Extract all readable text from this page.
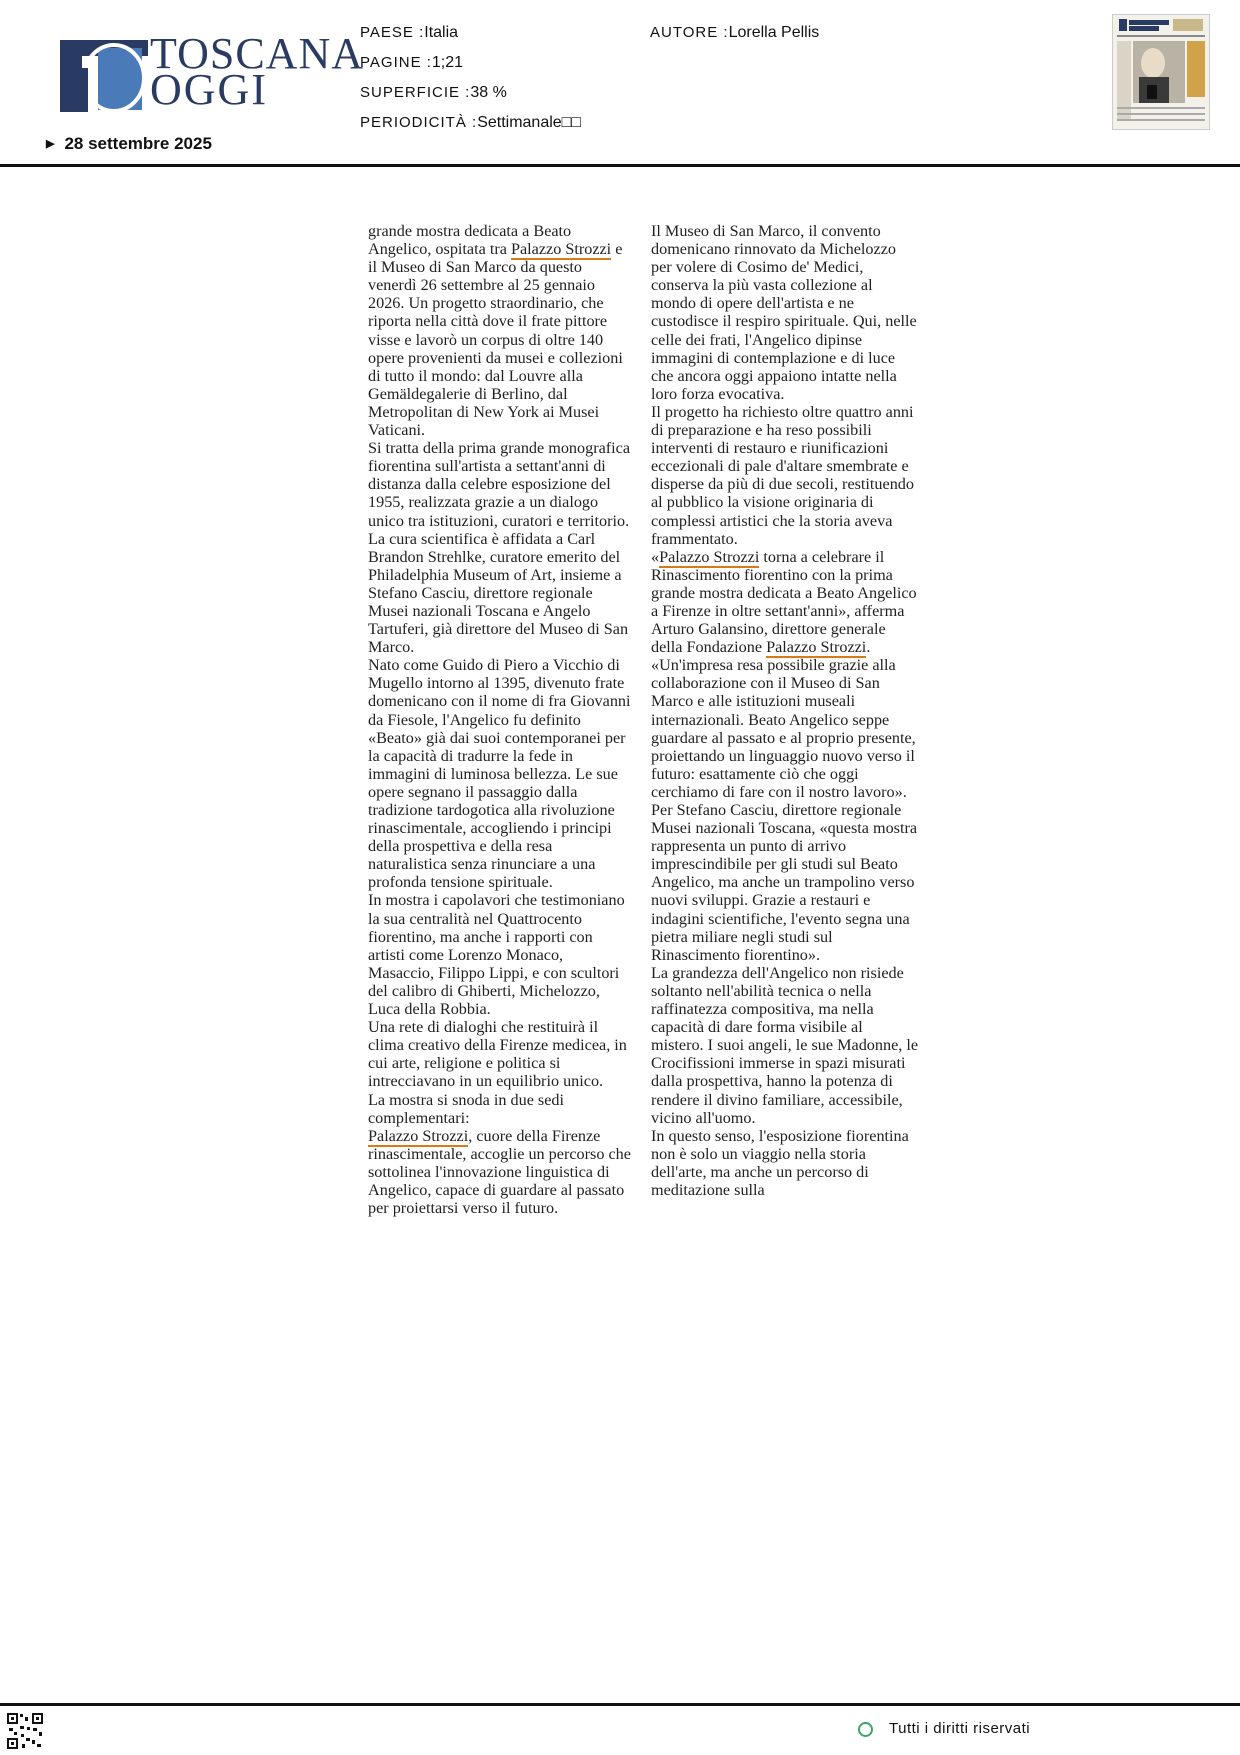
TOSCANA
OGGI
▶ 28 settembre 2025
PAESE :Italia
PAGINE :1;21
SUPERFICIE :38 %
PERIODICITÀ :Settimanale□□
AUTORE :Lorella Pellis

grande mostra dedicata a Beato Angelico, ospitata tra Palazzo Strozzi e il Museo di San Marco da questo venerdì 26 settembre al 25 gennaio 2026. Un progetto straordinario, che riporta nella città dove il frate pittore visse e lavorò un corpus di oltre 140 opere provenienti da musei e collezioni di tutto il mondo: dal Louvre alla Gemäldegalerie di Berlino, dal Metropolitan di New York ai Musei Vaticani.

Si tratta della prima grande monografica fiorentina sull'artista a settant'anni di distanza dalla celebre esposizione del 1955, realizzata grazie a un dialogo unico tra istituzioni, curatori e territorio.

La cura scientifica è affidata a Carl Brandon Strehlke, curatore emerito del Philadelphia Museum of Art, insieme a Stefano Casciu, direttore regionale Musei nazionali Toscana e Angelo Tartuferi, già direttore del Museo di San Marco.

Nato come Guido di Piero a Vicchio di Mugello intorno al 1395, divenuto frate domenicano con il nome di fra Giovanni da Fiesole, l'Angelico fu definito «Beato» già dai suoi contemporanei per la capacità di tradurre la fede in immagini di luminosa bellezza. Le sue opere segnano il passaggio dalla tradizione tardogotica alla rivoluzione rinascimentale, accogliendo i principi della prospettiva e della resa naturalistica senza rinunciare a una profonda tensione spirituale.

In mostra i capolavori che testimoniano la sua centralità nel Quattrocento fiorentino, ma anche i rapporti con artisti come Lorenzo Monaco, Masaccio, Filippo Lippi, e con scultori del calibro di Ghiberti, Michelozzo, Luca della Robbia.

Una rete di dialoghi che restituirà il clima creativo della Firenze medicea, in cui arte, religione e politica si intrecciavano in un equilibrio unico.

La mostra si snoda in due sedi complementari:

Palazzo Strozzi, cuore della Firenze rinascimentale, accoglie un percorso che sottolinea l'innovazione linguistica di Angelico, capace di guardare al passato per proiettarsi verso il futuro.

Il Museo di San Marco, il convento domenicano rinnovato da Michelozzo per volere di Cosimo de' Medici, conserva la più vasta collezione al mondo di opere dell'artista e ne custodisce il respiro spirituale. Qui, nelle celle dei frati, l'Angelico dipinse immagini di contemplazione e di luce che ancora oggi appaiono intatte nella loro forza evocativa.

Il progetto ha richiesto oltre quattro anni di preparazione e ha reso possibili interventi di restauro e riunificazioni eccezionali di pale d'altare smembrate e disperse da più di due secoli, restituendo al pubblico la visione originaria di complessi artistici che la storia aveva frammentato.

«Palazzo Strozzi torna a celebrare il Rinascimento fiorentino con la prima grande mostra dedicata a Beato Angelico a Firenze in oltre settant'anni», afferma Arturo Galansino, direttore generale della Fondazione Palazzo Strozzi.

«Un'impresa resa possibile grazie alla collaborazione con il Museo di San Marco e alle istituzioni museali internazionali. Beato Angelico seppe guardare al passato e al proprio presente, proiettando un linguaggio nuovo verso il futuro: esattamente ciò che oggi cerchiamo di fare con il nostro lavoro».

Per Stefano Casciu, direttore regionale Musei nazionali Toscana, «questa mostra rappresenta un punto di arrivo imprescindibile per gli studi sul Beato Angelico, ma anche un trampolino verso nuovi sviluppi. Grazie a restauri e indagini scientifiche, l'evento segna una pietra miliare negli studi sul Rinascimento fiorentino».

La grandezza dell'Angelico non risiede soltanto nell'abilità tecnica o nella raffinatezza compositiva, ma nella capacità di dare forma visibile al mistero. I suoi angeli, le sue Madonne, le Crocifissioni immerse in spazi misurati dalla prospettiva, hanno la potenza di rendere il divino familiare, accessibile, vicino all'uomo.

In questo senso, l'esposizione fiorentina non è solo un viaggio nella storia dell'arte, ma anche un percorso di meditazione sulla

Tutti i diritti riservati
